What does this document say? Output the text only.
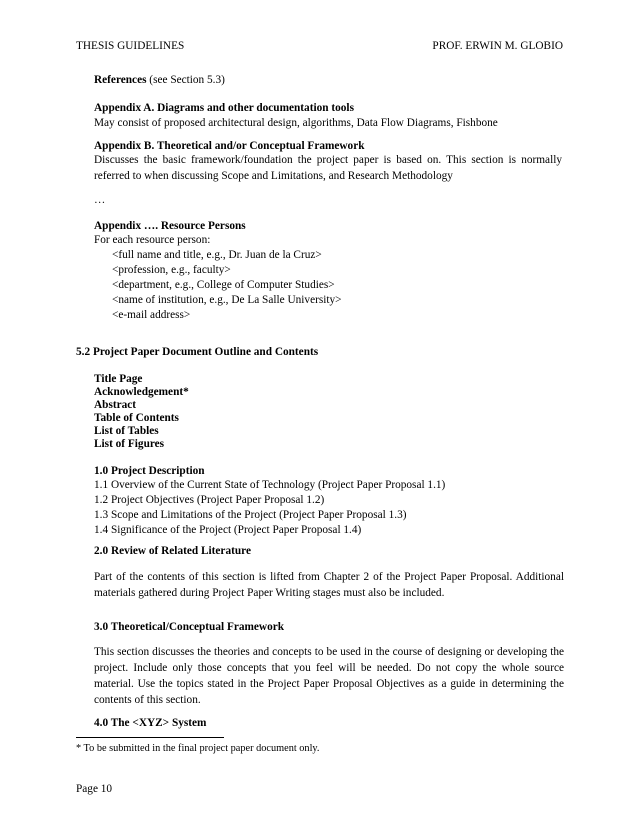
THESIS GUIDELINES	PROF. ERWIN M. GLOBIO
References (see Section 5.3)
Appendix A. Diagrams and other documentation tools
May consist of proposed architectural design, algorithms, Data Flow Diagrams, Fishbone
Appendix B. Theoretical and/or Conceptual Framework
Discusses the basic framework/foundation the project paper is based on. This section is normally referred to when discussing Scope and Limitations, and Research Methodology
…
Appendix …. Resource Persons
For each resource person:
<full name and title, e.g., Dr. Juan de la Cruz>
<profession, e.g., faculty>
<department, e.g., College of Computer Studies>
<name of institution, e.g., De La Salle University>
<e-mail address>
5.2 Project Paper Document Outline and Contents
Title Page
Acknowledgement*
Abstract
Table of Contents
List of Tables
List of Figures
1.0 Project Description
1.1 Overview of the Current State of Technology (Project Paper Proposal 1.1)
1.2 Project Objectives (Project Paper Proposal 1.2)
1.3 Scope and Limitations of the Project (Project Paper Proposal 1.3)
1.4 Significance of the Project (Project Paper Proposal 1.4)
2.0 Review of Related Literature
Part of the contents of this section is lifted from Chapter 2 of the Project Paper Proposal. Additional materials gathered during Project Paper Writing stages must also be included.
3.0 Theoretical/Conceptual Framework
This section discusses the theories and concepts to be used in the course of designing or developing the project. Include only those concepts that you feel will be needed. Do not copy the whole source material. Use the topics stated in the Project Paper Proposal Objectives as a guide in determining the contents of this section.
4.0 The <XYZ> System
* To be submitted in the final project paper document only.
Page 10
